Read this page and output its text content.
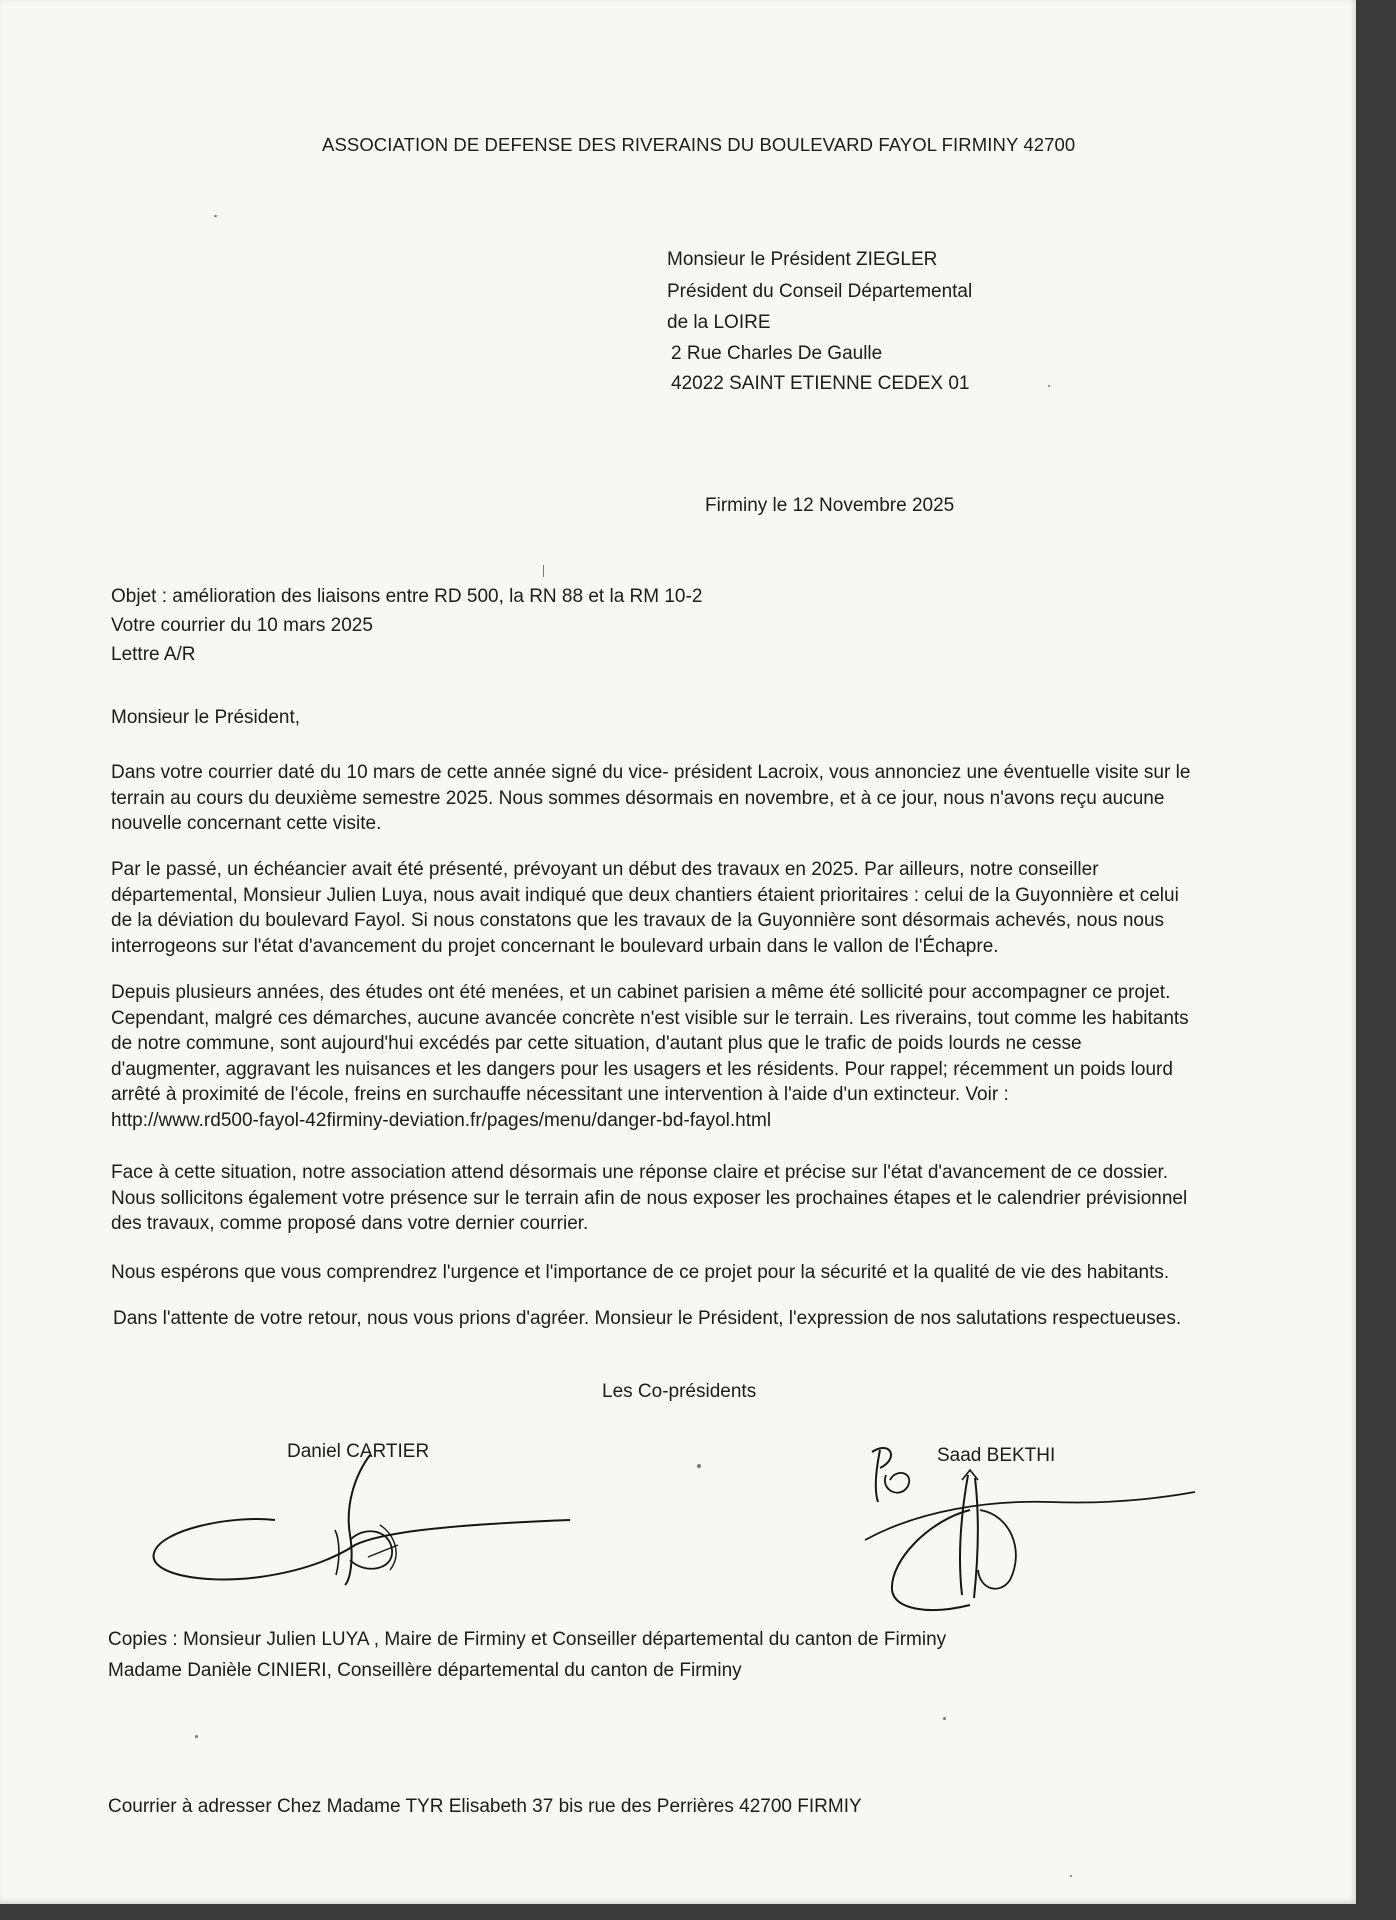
ASSOCIATION DE DEFENSE DES RIVERAINS DU BOULEVARD FAYOL FIRMINY 42700
Monsieur le Président ZIEGLER
Président du Conseil Départemental
de la LOIRE
2 Rue Charles De Gaulle
42022 SAINT ETIENNE CEDEX 01
Firminy le 12 Novembre 2025
Objet : amélioration des liaisons entre RD 500, la RN 88 et la RM 10-2
Votre courrier du 10 mars 2025
Lettre A/R
Monsieur le Président,
Dans votre courrier daté du 10 mars de cette année signé du vice- président Lacroix, vous annonciez une éventuelle visite sur le
terrain au cours du deuxième semestre 2025. Nous sommes désormais en novembre, et à ce jour, nous n'avons reçu aucune
nouvelle concernant cette visite.
Par le passé, un échéancier avait été présenté, prévoyant un début des travaux en 2025. Par ailleurs, notre conseiller
départemental, Monsieur Julien Luya, nous avait indiqué que deux chantiers étaient prioritaires : celui de la Guyonnière et celui
de la déviation du boulevard Fayol. Si nous constatons que les travaux de la Guyonnière sont désormais achevés, nous nous
interrogeons sur l'état d'avancement du projet concernant le boulevard urbain dans le vallon de l'Échapre.
Depuis plusieurs années, des études ont été menées, et un cabinet parisien a même été sollicité pour accompagner ce projet.
Cependant, malgré ces démarches, aucune avancée concrète n'est visible sur le terrain. Les riverains, tout comme les habitants
de notre commune, sont aujourd'hui excédés par cette situation, d'autant plus que le trafic de poids lourds ne cesse
d'augmenter, aggravant les nuisances et les dangers pour les usagers et les résidents. Pour rappel; récemment un poids lourd
arrêté à proximité de l'école, freins en surchauffe nécessitant une intervention à l'aide d'un extincteur. Voir :
http://www.rd500-fayol-42firminy-deviation.fr/pages/menu/danger-bd-fayol.html
Face à cette situation, notre association attend désormais une réponse claire et précise sur l'état d'avancement de ce dossier.
Nous sollicitons également votre présence sur le terrain afin de nous exposer les prochaines étapes et le calendrier prévisionnel
des travaux, comme proposé dans votre dernier courrier.
Nous espérons que vous comprendrez l'urgence et l'importance de ce projet pour la sécurité et la qualité de vie des habitants.
Dans l'attente de votre retour, nous vous prions d'agréer. Monsieur le Président, l'expression de nos salutations respectueuses.
Les Co-présidents
Daniel CARTIER	Saad BEKTHI
Copies : Monsieur Julien LUYA , Maire de Firminy et Conseiller départemental du canton de Firminy
Madame Danièle CINIERI, Conseillère départemental du canton de Firminy
Courrier à adresser Chez Madame TYR Elisabeth 37 bis rue des Perrières 42700 FIRMIY
